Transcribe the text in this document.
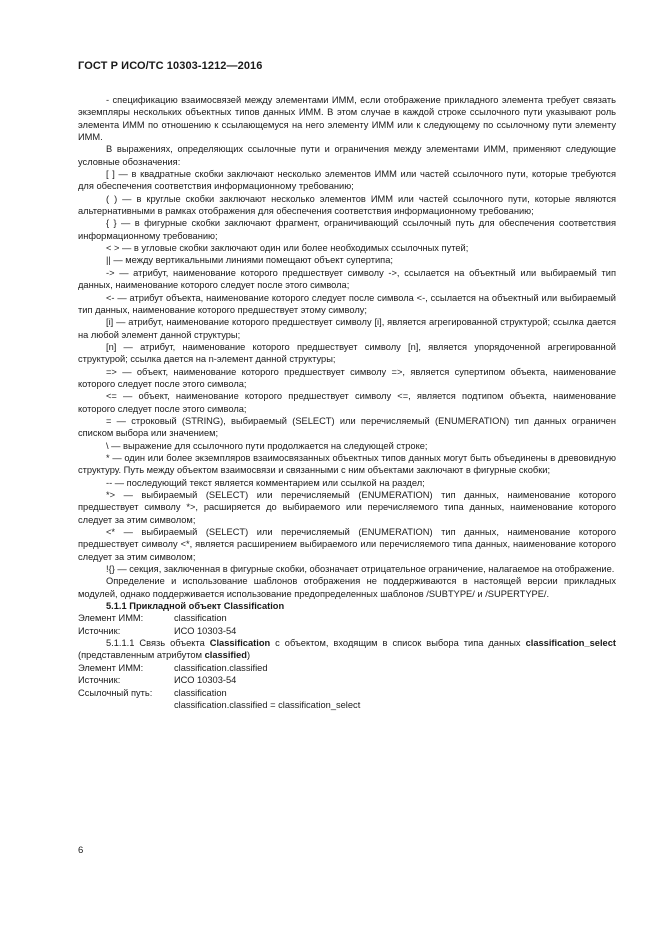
ГОСТ Р ИСО/ТС 10303-1212—2016

- спецификацию взаимосвязей между элементами ИММ, если отображение прикладного элемента требует связать экземпляры нескольких объектных типов данных ИММ. В этом случае в каждой строке ссылочного пути указывают роль элемента ИММ по отношению к ссылающемуся на него элементу ИММ или к следующему по ссылочному пути элементу ИММ.

В выражениях, определяющих ссылочные пути и ограничения между элементами ИММ, применяют следующие условные обозначения:

[ ] — в квадратные скобки заключают несколько элементов ИММ или частей ссылочного пути, которые требуются для обеспечения соответствия информационному требованию;

( ) — в круглые скобки заключают несколько элементов ИММ или частей ссылочного пути, которые являются альтернативными в рамках отображения для обеспечения соответствия информационному требованию;

{ } — в фигурные скобки заключают фрагмент, ограничивающий ссылочный путь для обеспечения соответствия информационному требованию;

< > — в угловые скобки заключают один или более необходимых ссылочных путей;

|| — между вертикальными линиями помещают объект супертипа;

-> — атрибут, наименование которого предшествует символу ->, ссылается на объектный или выбираемый тип данных, наименование которого следует после этого символа;

<- — атрибут объекта, наименование которого следует после символа <-, ссылается на объектный или выбираемый тип данных, наименование которого предшествует этому символу;

[i] — атрибут, наименование которого предшествует символу [i], является агрегированной структурой; ссылка дается на любой элемент данной структуры;

[n] — атрибут, наименование которого предшествует символу [n], является упорядоченной агрегированной структурой; ссылка дается на n-элемент данной структуры;

=> — объект, наименование которого предшествует символу =>, является супертипом объекта, наименование которого следует после этого символа;

<= — объект, наименование которого предшествует символу <=, является подтипом объекта, наименование которого следует после этого символа;

= — строковый (STRING), выбираемый (SELECT) или перечисляемый (ENUMERATION) тип данных ограничен списком выбора или значением;

\ — выражение для ссылочного пути продолжается на следующей строке;

* — один или более экземпляров взаимосвязанных объектных типов данных могут быть объединены в древовидную структуру. Путь между объектом взаимосвязи и связанными с ним объектами заключают в фигурные скобки;

-- — последующий текст является комментарием или ссылкой на раздел;

*> — выбираемый (SELECT) или перечисляемый (ENUMERATION) тип данных, наименование которого предшествует символу *>, расширяется до выбираемого или перечисляемого типа данных, наименование которого следует за этим символом;

<* — выбираемый (SELECT) или перечисляемый (ENUMERATION) тип данных, наименование которого предшествует символу <*, является расширением выбираемого или перечисляемого типа данных, наименование которого следует за этим символом;

!{} — секция, заключенная в фигурные скобки, обозначает отрицательное ограничение, налагаемое на отображение.

Определение и использование шаблонов отображения не поддерживаются в настоящей версии прикладных модулей, однако поддерживается использование предопределенных шаблонов /SUBTYPE/ и /SUPERTYPE/.

5.1.1 Прикладной объект Classification

Элемент ИММ:	classification
Источник:	ИСО 10303-54

5.1.1.1 Связь объекта Classification с объектом, входящим в список выбора типа данных classification_select (представленным атрибутом classified)

Элемент ИММ:	classification.classified
Источник:	ИСО 10303-54
Ссылочный путь:	classification
classification.classified = classification_select
6
